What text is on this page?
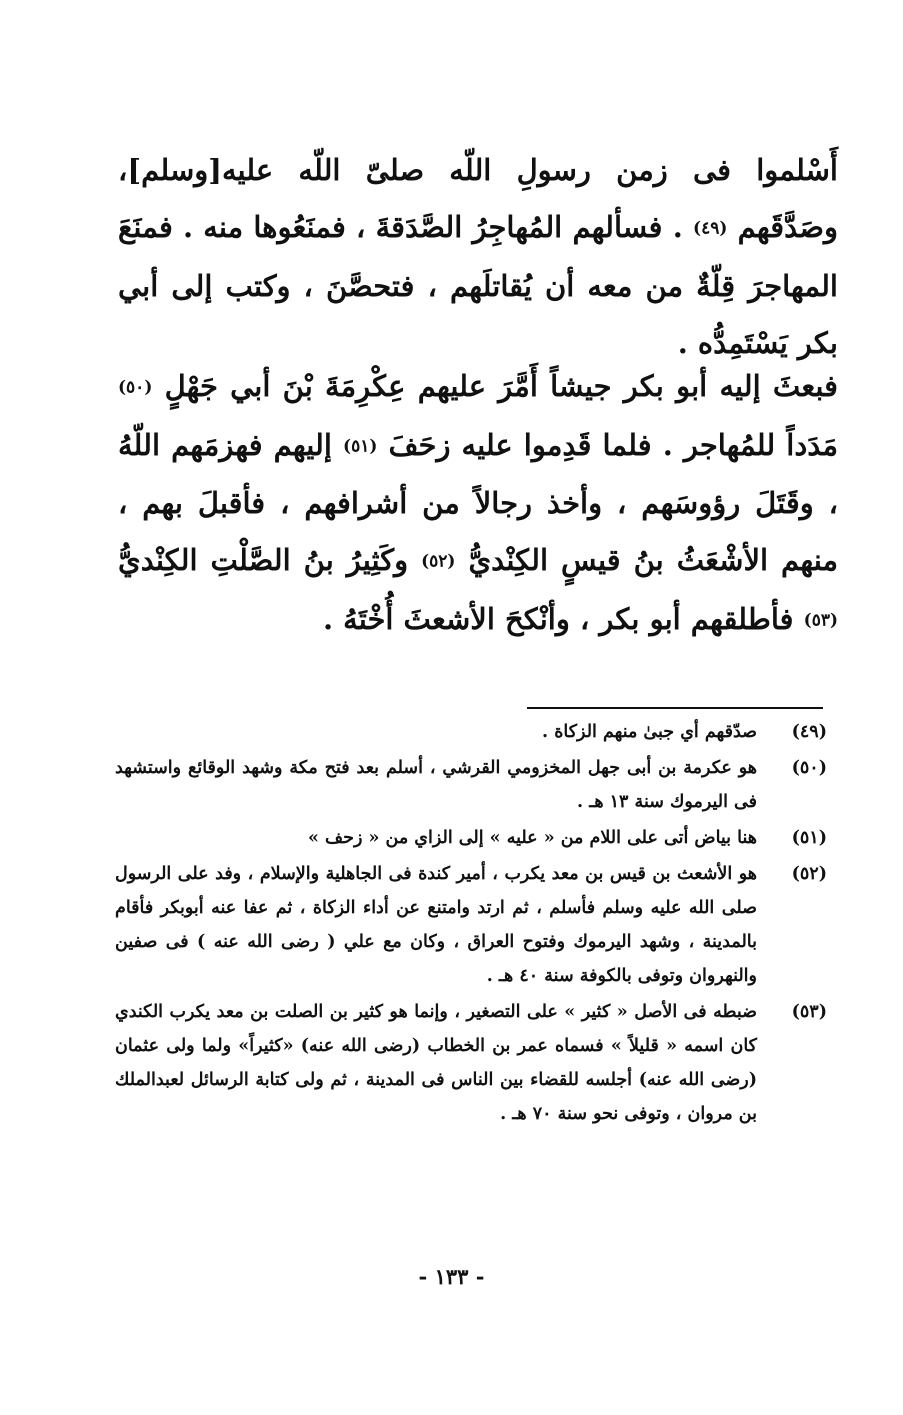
أَسْلموا فى زمن رسولِ اللّه صلىّ اللّه عليه[وسلم]، وصَدَّقَهم (٤٩) . فسألهم المُهاجِرُ الصَّدَقةَ ، فمنَعُوها منه . فمنَعَ المهاجرَ قِلّةٌ من معه أن يُقاتلَهم ، فتحصَّنَ ، وكتب إلى أبي بكر يَسْتَمِدُّه .

فبعثَ إليه أبو بكر جيشاً أَمَّرَ عليهم عِكْرِمَةَ بْنَ أبي جَهْلٍ (٥٠) مَدَداً للمُهاجر . فلما قَدِموا عليه زحَفَ (٥١) إليهم فهزمَهم اللّهُ ، وقَتَلَ رؤوسَهم ، وأخذ رجالاً من أشرافهم ، فأقبلَ بهم ، منهم الأشْعَثُ بنُ قيسٍ الكِنْديُّ (٥٢) وكَثِيرُ بنُ الصَّلْتِ الكِنْديُّ (٥٣) فأطلقهم أبو بكر ، وأنْكحَ الأشعثَ أُخْتَهُ .

(٤٩)
صدّقهم أي جبىٰ منهم الزكاة .
(٥٠)
هو عكرمة بن أبى جهل المخزومي القرشي ، أسلم بعد فتح مكة وشهد الوقائع واستشهد فى اليرموك سنة ١٣ هـ .
(٥١)
هنا بياض أتى على اللام من « عليه » إلى الزاي من « زحف »
(٥٢)
هو الأشعث بن قيس بن معد يكرب ، أمير كندة فى الجاهلية والإسلام ، وفد على الرسول صلى الله عليه وسلم فأسلم ، ثم ارتد وامتنع عن أداء الزكاة ، ثم عفا عنه أبوبكر فأقام بالمدينة ، وشهد اليرموك وفتوح العراق ، وكان مع علي ( رضى الله عنه ) فى صفين والنهروان وتوفى بالكوفة سنة ٤٠ هـ .
(٥٣)
ضبطه فى الأصل « كثير » على التصغير ، وإنما هو كثير بن الصلت بن معد يكرب الكندي كان اسمه « قليلاً » فسماه عمر بن الخطاب (رضى الله عنه) «كثيراً» ولما ولى عثمان (رضى الله عنه) أجلسه للقضاء بين الناس فى المدينة ، ثم ولى كتابة الرسائل لعبدالملك بن مروان ، وتوفى نحو سنة ٧٠ هـ .
- ١٣٣ -
